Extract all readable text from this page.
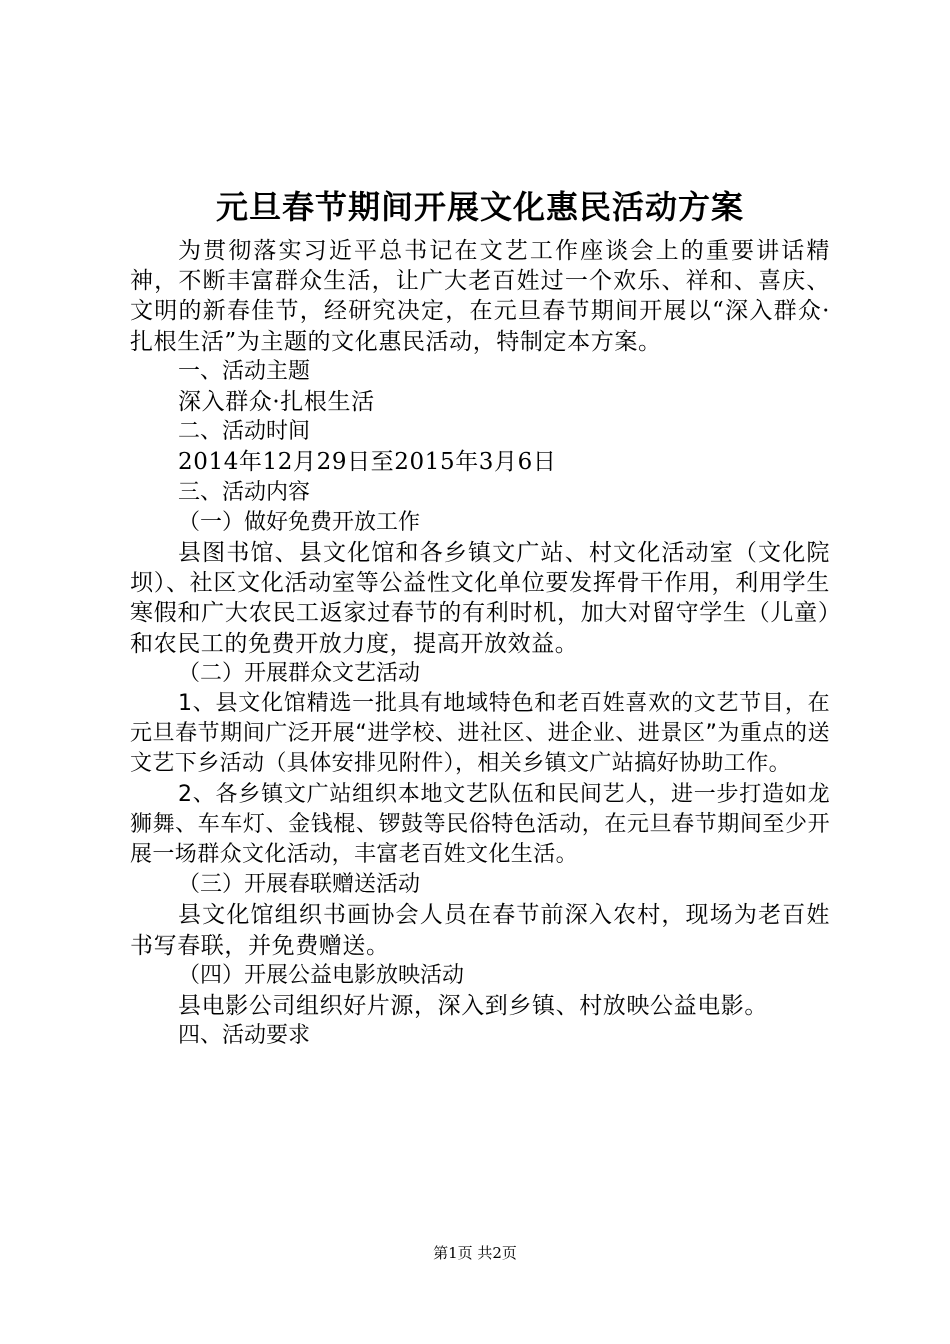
元旦春节期间开展文化惠民活动方案

为贯彻落实习近平总书记在文艺工作座谈会上的重要讲话精神，不断丰富群众生活，让广大老百姓过一个欢乐、祥和、喜庆、文明的新春佳节，经研究决定，在元旦春节期间开展以“深入群众·扎根生活”为主题的文化惠民活动，特制定本方案。

一、活动主题

深入群众·扎根生活

二、活动时间

2014年12月29日至2015年3月6日

三、活动内容

（一）做好免费开放工作

县图书馆、县文化馆和各乡镇文广站、村文化活动室（文化院坝）、社区文化活动室等公益性文化单位要发挥骨干作用，利用学生寒假和广大农民工返家过春节的有利时机，加大对留守学生（儿童）和农民工的免费开放力度，提高开放效益。

（二）开展群众文艺活动

1、县文化馆精选一批具有地域特色和老百姓喜欢的文艺节目，在元旦春节期间广泛开展“进学校、进社区、进企业、进景区”为重点的送文艺下乡活动（具体安排见附件），相关乡镇文广站搞好协助工作。

2、各乡镇文广站组织本地文艺队伍和民间艺人，进一步打造如龙狮舞、车车灯、金钱棍、锣鼓等民俗特色活动，在元旦春节期间至少开展一场群众文化活动，丰富老百姓文化生活。

（三）开展春联赠送活动

县文化馆组织书画协会人员在春节前深入农村，现场为老百姓书写春联，并免费赠送。

（四）开展公益电影放映活动

县电影公司组织好片源，深入到乡镇、村放映公益电影。

四、活动要求

第1页 共2页
